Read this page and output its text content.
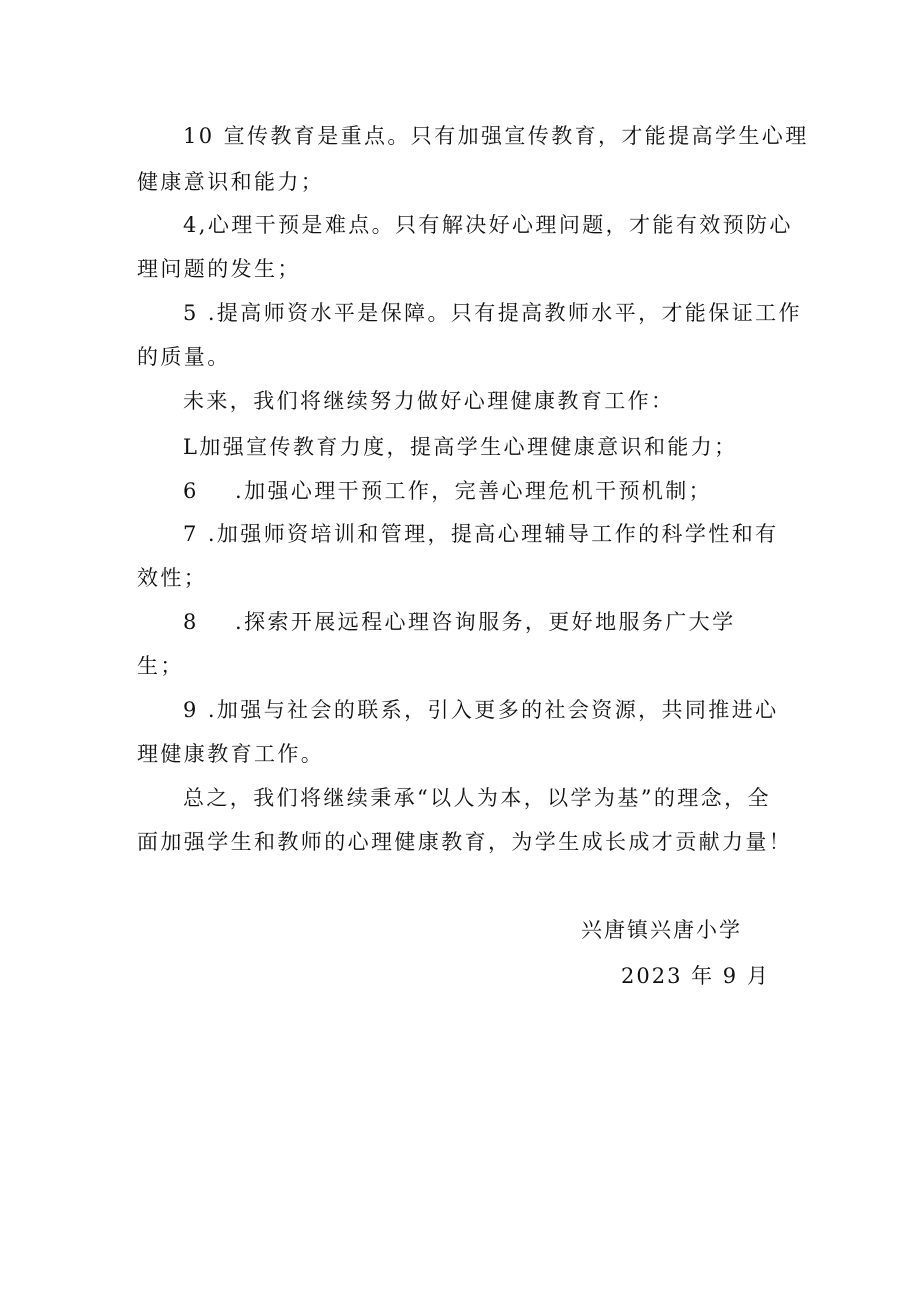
10 宣传教育是重点。只有加强宣传教育，才能提高学生心理
健康意识和能力；
4,心理干预是难点。只有解决好心理问题，才能有效预防心
理问题的发生；
5 .提高师资水平是保障。只有提高教师水平，才能保证工作
的质量。
未来，我们将继续努力做好心理健康教育工作：
L加强宣传教育力度，提高学生心理健康意识和能力；
6 .加强心理干预工作，完善心理危机干预机制；
7 .加强师资培训和管理，提高心理辅导工作的科学性和有
效性；
8 .探索开展远程心理咨询服务，更好地服务广大学
生；
9 .加强与社会的联系，引入更多的社会资源，共同推进心
理健康教育工作。
总之，我们将继续秉承“以人为本，以学为基”的理念，全
面加强学生和教师的心理健康教育，为学生成长成才贡献力量！
兴唐镇兴唐小学
2023 年 9 月
